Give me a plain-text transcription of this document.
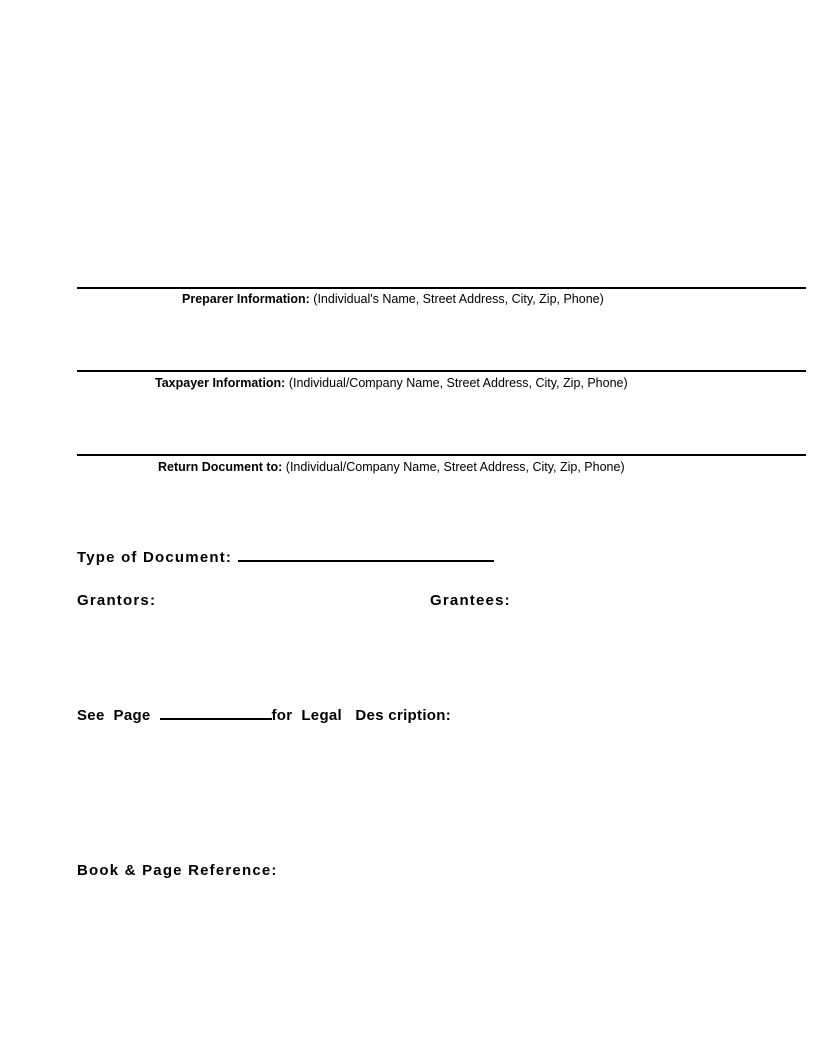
Preparer Information: (Individual's Name, Street Address, City, Zip, Phone)
Taxpayer Information: (Individual/Company Name, Street Address, City, Zip, Phone)
Return Document to: (Individual/Company Name, Street Address, City, Zip, Phone)
Type of Document:
Grantors:	Grantees:
See  Page	for  Legal   Des cription:
Book & Page Reference:
